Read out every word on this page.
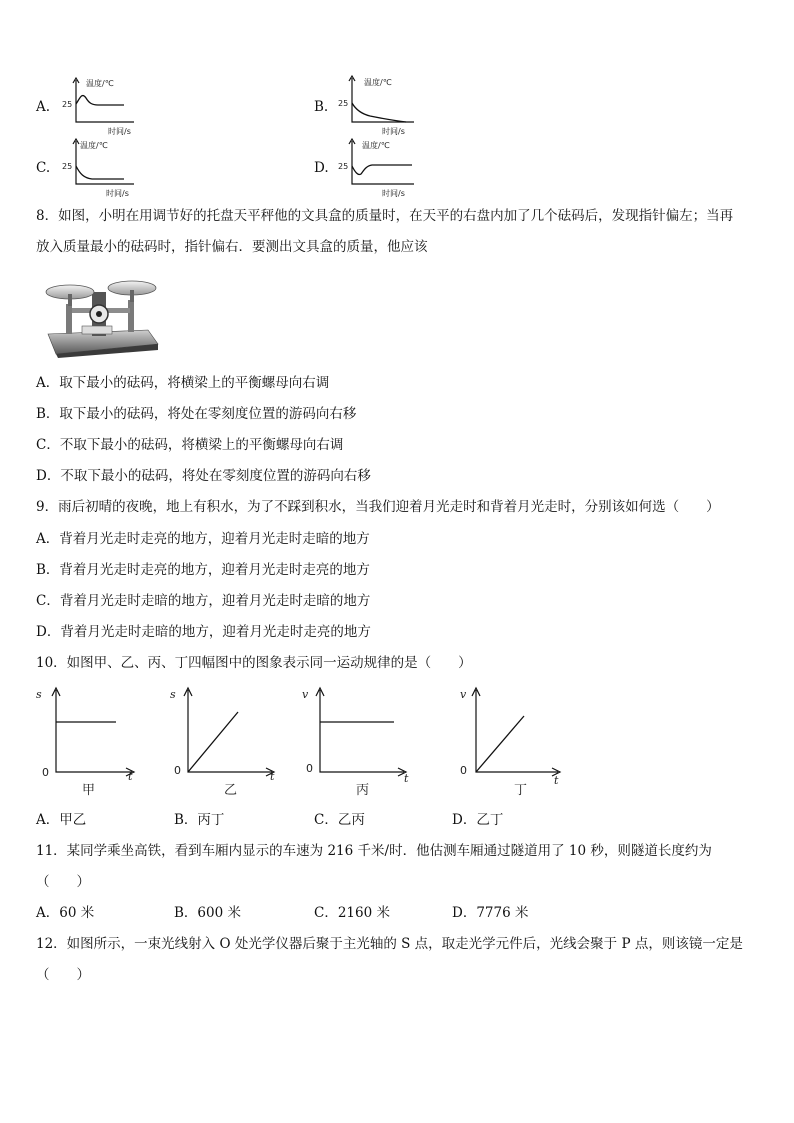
A.
温度/℃
25
时间/s
B.
温度/℃
25
时间/s
C.
温度/℃
25
时间/s
D.
温度/℃
25
时间/s
8．如图，小明在用调节好的托盘天平秤他的文具盒的质量时，在天平的右盘内加了几个砝码后，发现指针偏左；当再
放入质量最小的砝码时，指针偏右．要测出文具盒的质量，他应该
A．取下最小的砝码，将横梁上的平衡螺母向右调
B．取下最小的砝码，将处在零刻度位置的游码向右移
C．不取下最小的砝码，将横梁上的平衡螺母向右调
D．不取下最小的砝码，将处在零刻度位置的游码向右移
9．雨后初晴的夜晚，地上有积水，为了不踩到积水，当我们迎着月光走时和背着月光走时，分别该如何选（　　）
A．背着月光走时走亮的地方，迎着月光走时走暗的地方
B．背着月光走时走亮的地方，迎着月光走时走亮的地方
C．背着月光走时走暗的地方，迎着月光走时走暗的地方
D．背着月光走时走暗的地方，迎着月光走时走亮的地方
10．如图甲、乙、丙、丁四幅图中的图象表示同一运动规律的是（　　）
s
0	t
甲
s
0	t
乙
v
0
t
丙
v
0
t
丁
A．甲乙	B．丙丁	C．乙丙	D．乙丁
11．某同学乘坐高铁，看到车厢内显示的车速为 216 千米/时．他估测车厢通过隧道用了 10 秒，则隧道长度约为
（　　）
A．60 米	B．600 米	C．2160 米	D．7776 米
12．如图所示，一束光线射入 O 处光学仪器后聚于主光轴的 S 点，取走光学元件后，光线会聚于 P 点，则该镜一定是
（　　）
